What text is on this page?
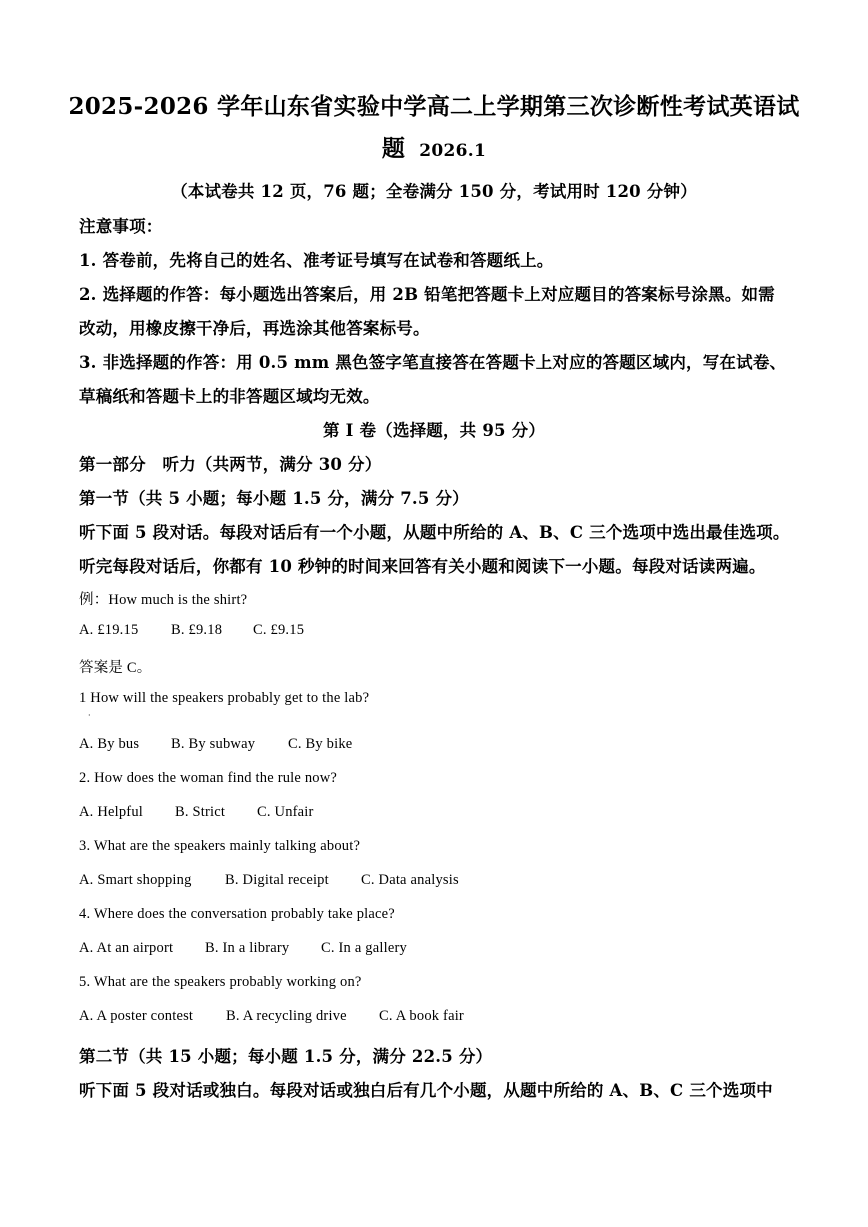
2025-2026 学年山东省实验中学高二上学期第三次诊断性考试英语试
题 2026.1
（本试卷共 12 页，76 题；全卷满分 150 分，考试用时 120 分钟）
注意事项：
1. 答卷前，先将自己的姓名、准考证号填写在试卷和答题纸上。
2. 选择题的作答：每小题选出答案后，用 2B 铅笔把答题卡上对应题目的答案标号涂黑。如需
改动，用橡皮擦干净后，再选涂其他答案标号。
3. 非选择题的作答：用 0.5 mm 黑色签字笔直接答在答题卡上对应的答题区域内，写在试卷、
草稿纸和答题卡上的非答题区域均无效。
第 I 卷（选择题，共 95 分）
第一部分　听力（共两节，满分 30 分）
第一节（共 5 小题；每小题 1.5 分，满分 7.5 分）
听下面 5 段对话。每段对话后有一个小题，从题中所给的 A、B、C 三个选项中选出最佳选项。
听完每段对话后，你都有 10 秒钟的时间来回答有关小题和阅读下一小题。每段对话读两遍。
例：How much is the shirt?
A. £19.15 B. £9.18 C. £9.15
答案是 C。
1 How will the speakers probably get to the lab?
·
A. By bus B. By subway C. By bike
2. How does the woman find the rule now?
A. Helpful B. Strict C. Unfair
3. What are the speakers mainly talking about?
A. Smart shopping B. Digital receipt C. Data analysis
4. Where does the conversation probably take place?
A. At an airport B. In a library C. In a gallery
5. What are the speakers probably working on?
A. A poster contest B. A recycling drive C. A book fair
第二节（共 15 小题；每小题 1.5 分，满分 22.5 分）
听下面 5 段对话或独白。每段对话或独白后有几个小题，从题中所给的 A、B、C 三个选项中
